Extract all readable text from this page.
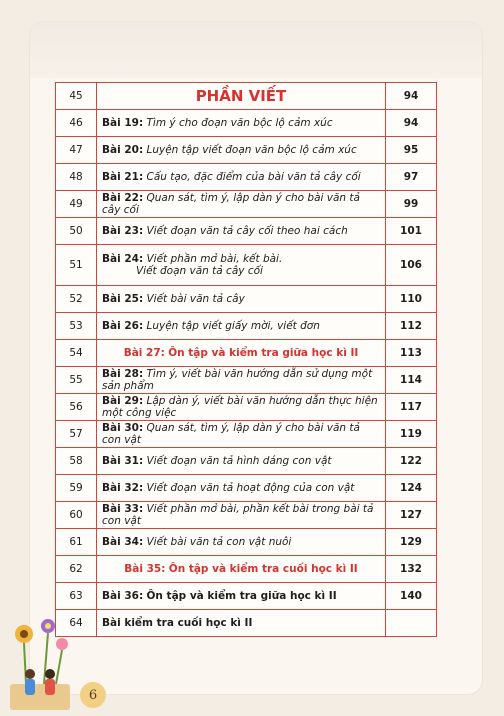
45	PHẦN VIẾT	94
46	Bài 19: Tìm ý cho đoạn văn bộc lộ cảm xúc	94
47	Bài 20: Luyện tập viết đoạn văn bộc lộ cảm xúc	95
48	Bài 21: Cấu tạo, đặc điểm của bài văn tả cây cối	97
49	Bài 22: Quan sát, tìm ý, lập dàn ý cho bài văn tả cây cối	99
50	Bài 23: Viết đoạn văn tả cây cối theo hai cách	101
51	Bài 24: Viết phần mở bài, kết bài.
Viết đoạn văn tả cây cối	106
52	Bài 25: Viết bài văn tả cây	110
53	Bài 26: Luyện tập viết giấy mời, viết đơn	112
54	Bài 27: Ôn tập và kiểm tra giữa học kì II	113
55	Bài 28: Tìm ý, viết bài văn hướng dẫn sử dụng một sản phẩm	114
56	Bài 29: Lập dàn ý, viết bài văn hướng dẫn thực hiện một công việc	117
57	Bài 30: Quan sát, tìm ý, lập dàn ý cho bài văn tả con vật	119
58	Bài 31: Viết đoạn văn tả hình dáng con vật	122
59	Bài 32: Viết đoạn văn tả hoạt động của con vật	124
60	Bài 33: Viết phần mở bài, phần kết bài trong bài tả con vật	127
61	Bài 34: Viết bài văn tả con vật nuôi	129
62	Bài 35: Ôn tập và kiểm tra cuối học kì II	132
63	Bài 36: Ôn tập và kiểm tra giữa học kì II	140
64	Bài kiểm tra cuối học kì II	
6
